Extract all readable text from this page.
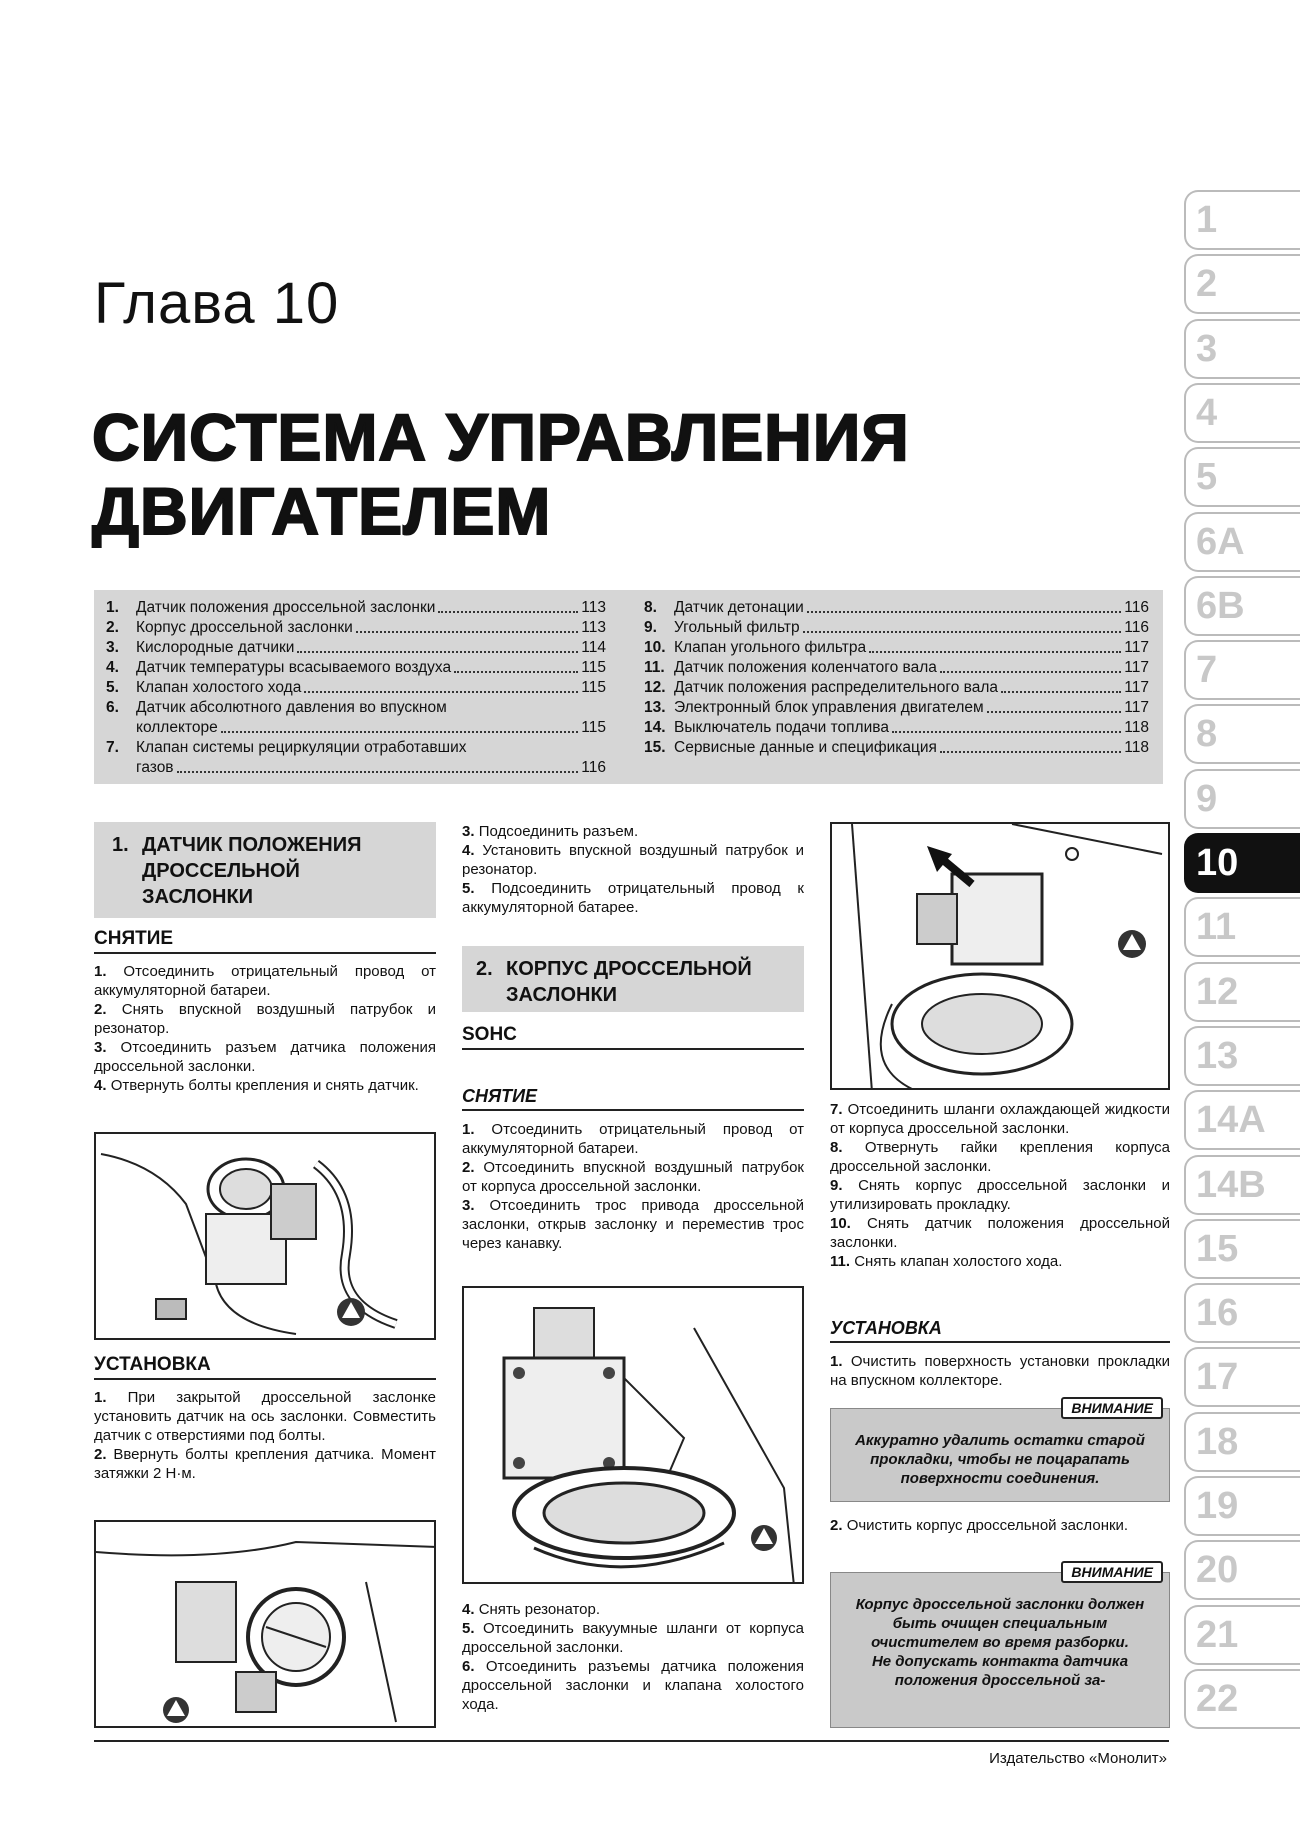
Глава 10
СИСТЕМА УПРАВЛЕНИЯ
ДВИГАТЕЛЕМ
1.	Датчик положения дроссельной заслонки	113
2.	Корпус дроссельной заслонки	113
3.	Кислородные датчики	114
4.	Датчик температуры всасываемого воздуха	115
5.	Клапан холостого хода	115
6.	Датчик абсолютного давления во впускном
коллекторе	115
7.	Клапан системы рециркуляции отработавших
газов	116
8.	Датчик детонации	116
9.	Угольный фильтр	116
10. Клапан угольного фильтра	117
11. Датчик положения коленчатого вала	117
12. Датчик положения распределительного вала	117
13. Электронный блок управления двигателем	117
14. Выключатель подачи топлива	118
15. Сервисные данные и спецификация	118
1. ДАТЧИК ПОЛОЖЕНИЯ
ДРОССЕЛЬНОЙ
ЗАСЛОНКИ
СНЯТИЕ
1. Отсоединить отрицательный провод от аккумуляторной батареи.
2. Снять впускной воздушный патрубок и резонатор.
3. Отсоединить разъем датчика положения дроссельной заслонки.
4. Отвернуть болты крепления и снять датчик.
УСТАНОВКА
1. При закрытой дроссельной заслонке установить датчик на ось заслонки. Совместить датчик с отверстиями под болты.
2. Ввернуть болты крепления датчика. Момент затяжки 2 Н·м.
3. Подсоединить разъем.
4. Установить впускной воздушный патрубок и резонатор.
5. Подсоединить отрицательный провод к аккумуляторной батарее.
2. КОРПУС ДРОССЕЛЬНОЙ
ЗАСЛОНКИ
SOHC
СНЯТИЕ
1. Отсоединить отрицательный провод от аккумуляторной батареи.
2. Отсоединить впускной воздушный патрубок от корпуса дроссельной заслонки.
3. Отсоединить трос привода дроссельной заслонки, открыв заслонку и переместив трос через канавку.
4. Снять резонатор.
5. Отсоединить вакуумные шланги от корпуса дроссельной заслонки.
6. Отсоединить разъемы датчика положения дроссельной заслонки и клапана холостого хода.
7. Отсоединить шланги охлаждающей жидкости от корпуса дроссельной заслонки.
8. Отвернуть гайки крепления корпуса дроссельной заслонки.
9. Снять корпус дроссельной заслонки и утилизировать прокладку.
10. Снять датчик положения дроссельной заслонки.
11. Снять клапан холостого хода.
УСТАНОВКА
1. Очистить поверхность установки прокладки на впускном коллекторе.
ВНИМАНИЕ
Аккуратно удалить остатки старой прокладки, чтобы не поцарапать поверхности соединения.
2. Очистить корпус дроссельной заслонки.
ВНИМАНИЕ
Корпус дроссельной заслонки должен быть очищен специальным очистителем во время разборки.
Не допускать контакта датчика положения дроссельной за-
1
2
3
4
5
6A
6B
7
8
9
10
11
12
13
14A
14B
15
16
17
18
19
20
21
22
Издательство «Монолит»
